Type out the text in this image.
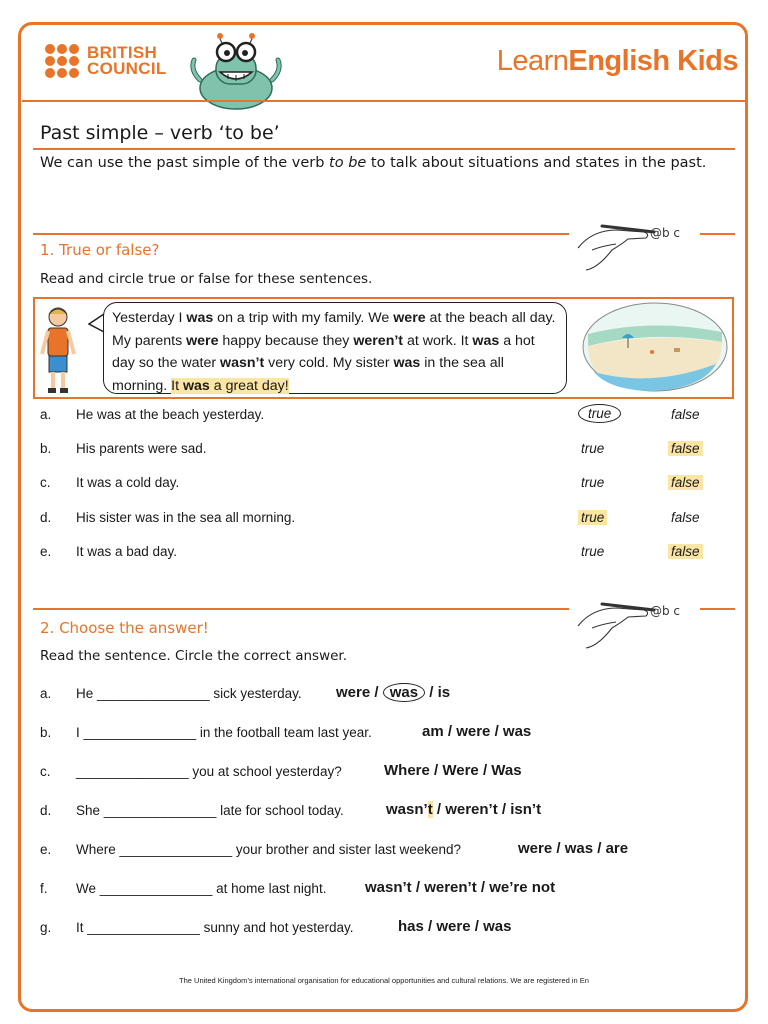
BRITISH
COUNCIL	LearnEnglish Kids
Past simple – verb ‘to be’
We can use the past simple of the verb to be to talk about situations and states in the past.
@b c
1. True or false?
Read and circle true or false for these sentences.
Yesterday I was on a trip with my family. We were at the beach all day. My parents were happy because they weren’t at work. It was a hot day so the water wasn’t very cold. My sister was in the sea all morning. It was a great day!
a. He was at the beach yesterday.	true	false
b. His parents were sad.	true	false
c. It was a cold day.	true	false
d. His sister was in the sea all morning.	true	false
e. It was a bad day.	true	false
@b c
2. Choose the answer!
Read the sentence. Circle the correct answer.
a. He _______________ sick yesterday. were / was / is
b. I _______________ in the football team last year.	am / were / was
c. _______________ you at school yesterday?	Where / Were / Was
d. She _______________ late for school today.	wasn’t / weren’t / isn’t
e. Where _______________ your brother and sister last weekend?	were / was / are
f. We _______________ at home last night.	wasn’t / weren’t / we’re not
g. It _______________ sunny and hot yesterday.	has / were / was
The United Kingdom’s international organisation for educational opportunities and cultural relations. We are registered in En
